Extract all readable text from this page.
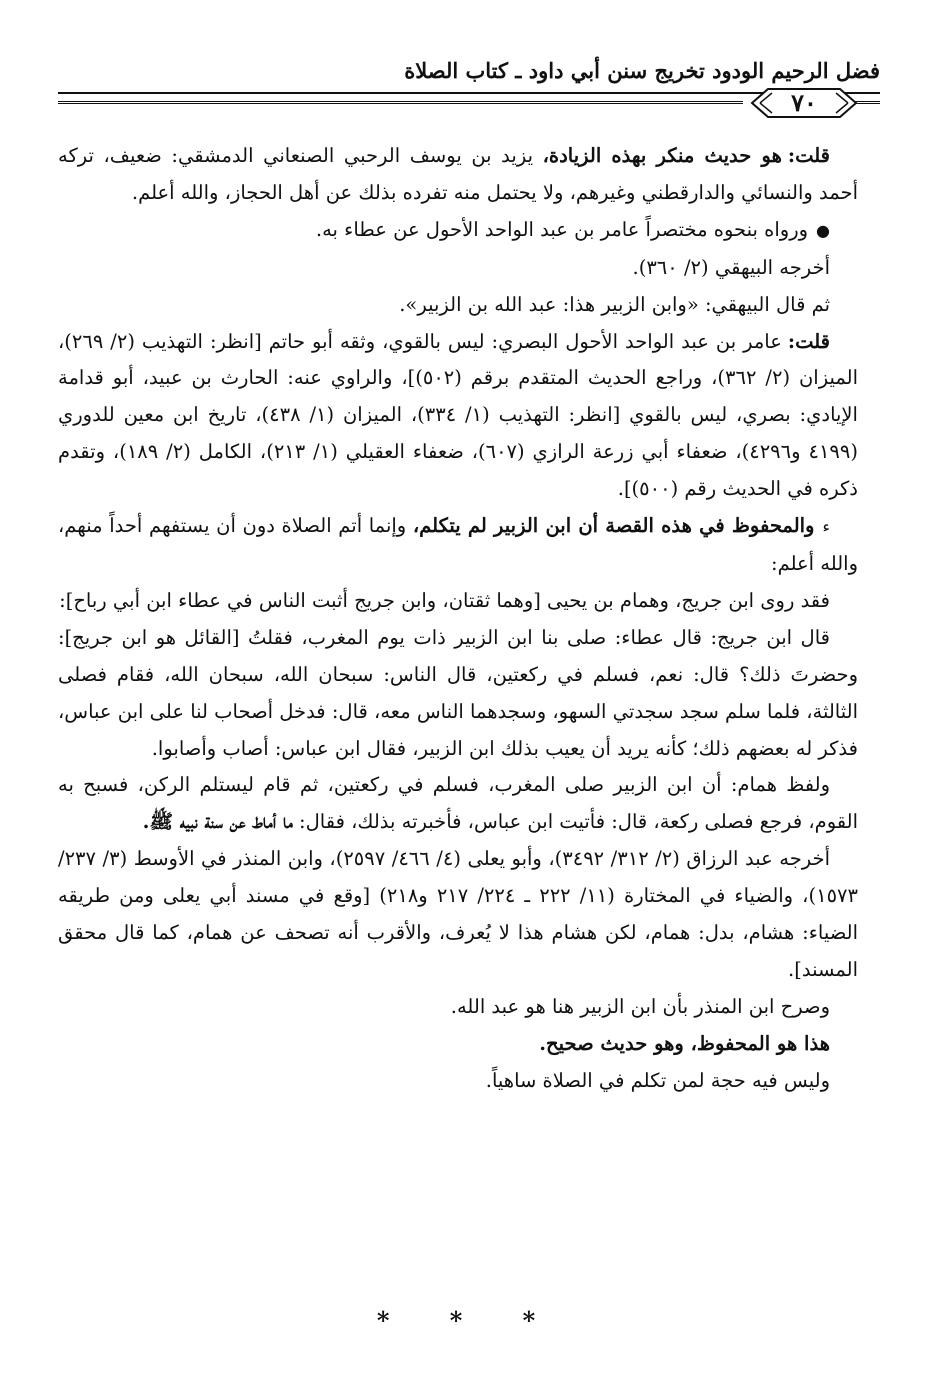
فضل الرحيم الودود تخريج سنن أبي داود ـ كتاب الصلاة
٧٠

قلت:هو حديث منكر بهذه الزيادة، يزيد بن يوسف الرحبي الصنعاني الدمشقي: ضعيف، تركه أحمد والنسائي والدارقطني وغيرهم، ولا يحتمل منه تفرده بذلك عن أهل الحجاز، والله أعلم.

●ورواه بنحوه مختصراً عامر بن عبد الواحد الأحول عن عطاء به.

أخرجه البيهقي (٢/ ٣٦٠).

ثم قال البيهقي: «وابن الزبير هذا: عبد الله بن الزبير».

قلت:عامر بن عبد الواحد الأحول البصري: ليس بالقوي، وثقه أبو حاتم [انظر: التهذيب (٢/ ٢٦٩)، الميزان (٢/ ٣٦٢)، وراجع الحديث المتقدم برقم (٥٠٢)]، والراوي عنه: الحارث بن عبيد، أبو قدامة الإيادي: بصري، ليس بالقوي [انظر: التهذيب (١/ ٣٣٤)، الميزان (١/ ٤٣٨)، تاريخ ابن معين للدوري (٤١٩٩ و٤٢٩٦)، ضعفاء أبي زرعة الرازي (٦٠٧)، ضعفاء العقيلي (١/ ٢١٣)، الكامل (٢/ ١٨٩)، وتقدم ذكره في الحديث رقم (٥٠٠)].

ﺀوالمحفوظ في هذه القصة أن ابن الزبير لم يتكلم، وإنما أتم الصلاة دون أن يستفهم أحداً منهم، والله أعلم:

فقد روى ابن جريج، وهمام بن يحيى [وهما ثقتان، وابن جريج أثبت الناس في عطاء ابن أبي رباح]:

قال ابن جريج: قال عطاء: صلى بنا ابن الزبير ذات يوم المغرب، فقلتُ [القائل هو ابن جريج]: وحضرتَ ذلك؟ قال: نعم، فسلم في ركعتين، قال الناس: سبحان الله، سبحان الله، فقام فصلى الثالثة، فلما سلم سجد سجدتي السهو، وسجدهما الناس معه، قال: فدخل أصحاب لنا على ابن عباس، فذكر له بعضهم ذلك؛ كأنه يريد أن يعيب بذلك ابن الزبير، فقال ابن عباس: أصاب وأصابوا.

ولفظ همام: أن ابن الزبير صلى المغرب، فسلم في ركعتين، ثم قام ليستلم الركن، فسبح به القوم، فرجع فصلى ركعة، قال: فأتيت ابن عباس، فأخبرته بذلك، فقال: ما أماط عن سنة نبيه ﷺ.

أخرجه عبد الرزاق (٢/ ٣١٢/ ٣٤٩٢)، وأبو يعلى (٤/ ٤٦٦/ ٢٥٩٧)، وابن المنذر في الأوسط (٣/ ٢٣٧/ ١٥٧٣)، والضياء في المختارة (١١/ ٢٢٢ ـ ٢٢٤/ ٢١٧ و٢١٨) [وقع في مسند أبي يعلى ومن طريقه الضياء: هشام، بدل: همام، لكن هشام هذا لا يُعرف، والأقرب أنه تصحف عن همام، كما قال محقق المسند].

وصرح ابن المنذر بأن ابن الزبير هنا هو عبد الله.

هذا هو المحفوظ، وهو حديث صحيح.

وليس فيه حجة لمن تكلم في الصلاة ساهياً.

* * *
